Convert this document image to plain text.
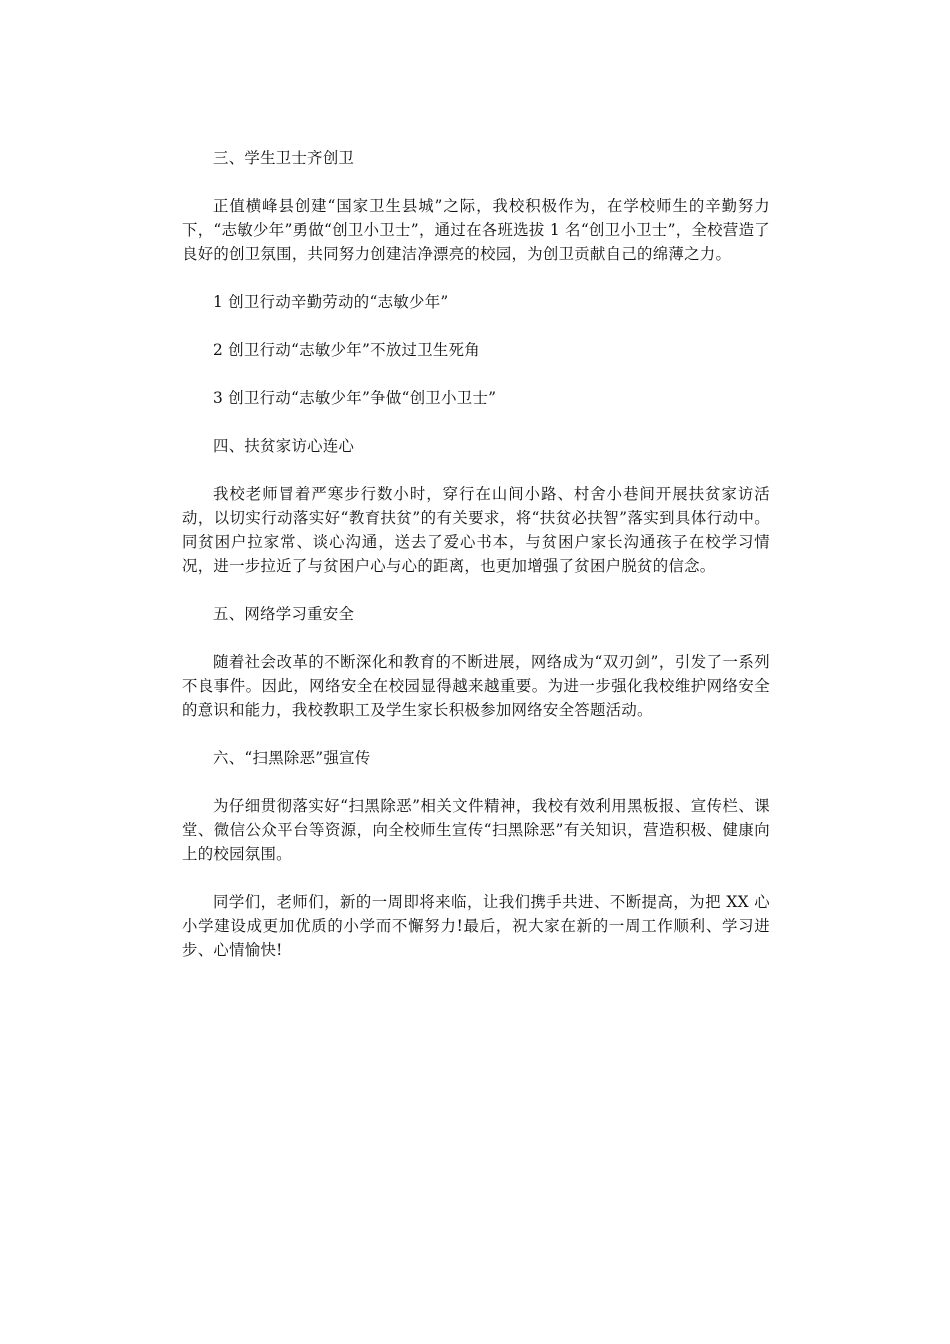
三、学生卫士齐创卫

正值横峰县创建“国家卫生县城”之际，我校积极作为，在学校师生的辛勤努力下，“志敏少年”勇做“创卫小卫士”，通过在各班选拔 1 名“创卫小卫士”，全校营造了良好的创卫氛围，共同努力创建洁净漂亮的校园，为创卫贡献自己的绵薄之力。

1 创卫行动辛勤劳动的“志敏少年”

2 创卫行动“志敏少年”不放过卫生死角

3 创卫行动“志敏少年”争做“创卫小卫士”

四、扶贫家访心连心

我校老师冒着严寒步行数小时，穿行在山间小路、村舍小巷间开展扶贫家访活动，以切实行动落实好“教育扶贫”的有关要求，将“扶贫必扶智”落实到具体行动中。同贫困户拉家常、谈心沟通，送去了爱心书本，与贫困户家长沟通孩子在校学习情况，进一步拉近了与贫困户心与心的距离，也更加增强了贫困户脱贫的信念。

五、网络学习重安全

随着社会改革的不断深化和教育的不断进展，网络成为“双刃剑”，引发了一系列不良事件。因此，网络安全在校园显得越来越重要。为进一步强化我校维护网络安全的意识和能力，我校教职工及学生家长积极参加网络安全答题活动。

六、“扫黑除恶”强宣传

为仔细贯彻落实好“扫黑除恶”相关文件精神，我校有效利用黑板报、宣传栏、课堂、微信公众平台等资源，向全校师生宣传“扫黑除恶”有关知识，营造积极、健康向上的校园氛围。

同学们，老师们，新的一周即将来临，让我们携手共进、不断提高，为把 XX 心小学建设成更加优质的小学而不懈努力!最后，祝大家在新的一周工作顺利、学习进步、心情愉快!
